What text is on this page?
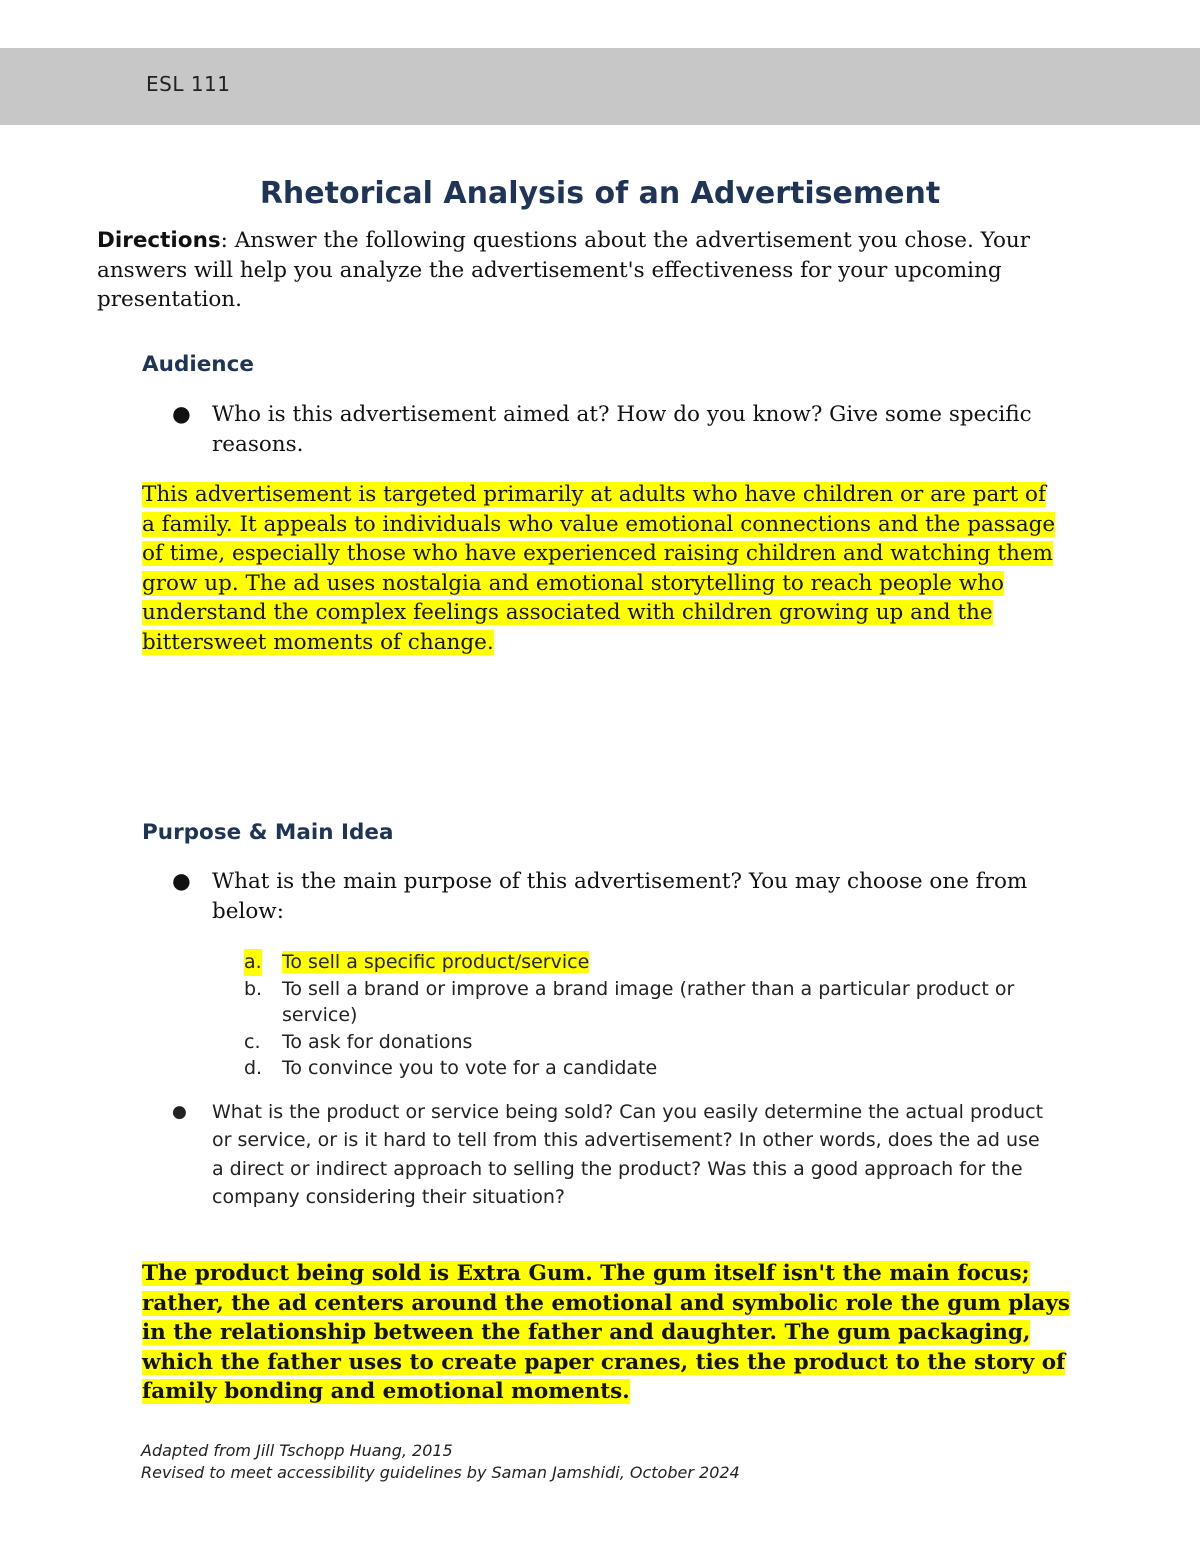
ESL 111
Rhetorical Analysis of an Advertisement
Directions: Answer the following questions about the advertisement you chose. Your answers will help you analyze the advertisement's effectiveness for your upcoming presentation.
Audience
● Who is this advertisement aimed at? How do you know? Give some specific reasons.
This advertisement is targeted primarily at adults who have children or are part of a family. It appeals to individuals who value emotional connections and the passage of time, especially those who have experienced raising children and watching them grow up. The ad uses nostalgia and emotional storytelling to reach people who understand the complex feelings associated with children growing up and the bittersweet moments of change.
Purpose & Main Idea
● What is the main purpose of this advertisement? You may choose one from below:
a. To sell a specific product/service
b. To sell a brand or improve a brand image (rather than a particular product or service)
c. To ask for donations
d. To convince you to vote for a candidate
● What is the product or service being sold? Can you easily determine the actual product or service, or is it hard to tell from this advertisement? In other words, does the ad use a direct or indirect approach to selling the product? Was this a good approach for the company considering their situation?
The product being sold is Extra Gum. The gum itself isn't the main focus; rather, the ad centers around the emotional and symbolic role the gum plays in the relationship between the father and daughter. The gum packaging, which the father uses to create paper cranes, ties the product to the story of family bonding and emotional moments.
Adapted from Jill Tschopp Huang, 2015
Revised to meet accessibility guidelines by Saman Jamshidi, October 2024
